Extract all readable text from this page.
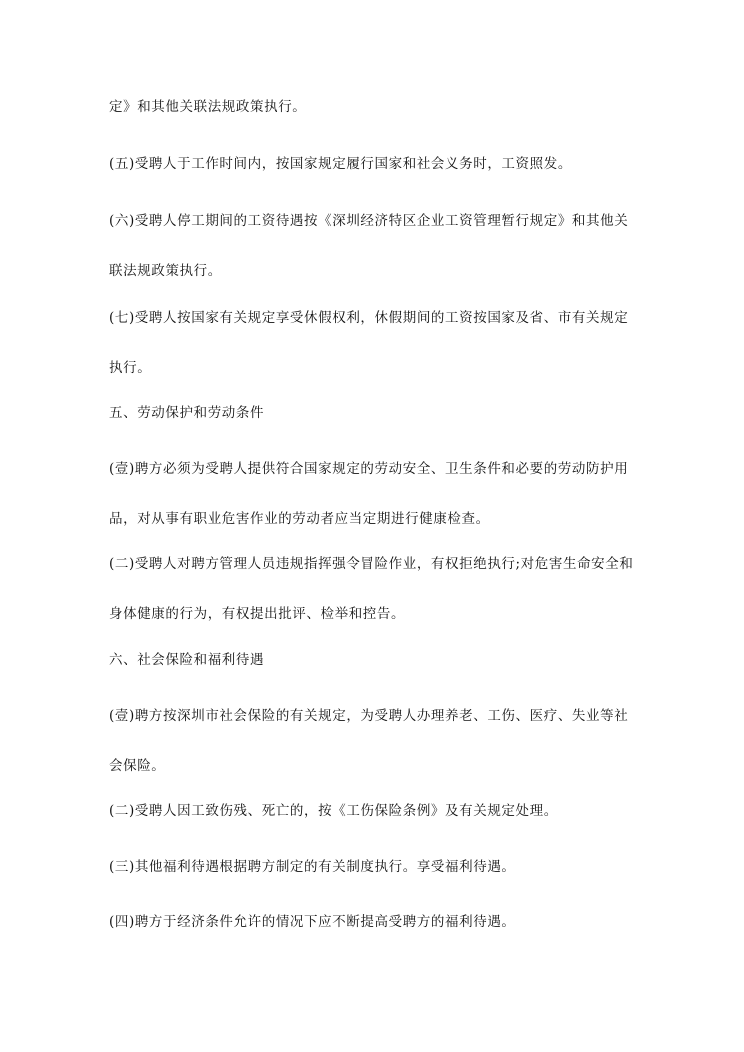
定》和其他关联法规政策执行。

(五)受聘人于工作时间内，按国家规定履行国家和社会义务时，工资照发。

(六)受聘人停工期间的工资待遇按《深圳经济特区企业工资管理暂行规定》和其他关联法规政策执行。

(七)受聘人按国家有关规定享受休假权利，休假期间的工资按国家及省、市有关规定执行。

五、劳动保护和劳动条件

(壹)聘方必须为受聘人提供符合国家规定的劳动安全、卫生条件和必要的劳动防护用品，对从事有职业危害作业的劳动者应当定期进行健康检查。

(二)受聘人对聘方管理人员违规指挥强令冒险作业，有权拒绝执行;对危害生命安全和身体健康的行为，有权提出批评、检举和控告。

六、社会保险和福利待遇

(壹)聘方按深圳市社会保险的有关规定，为受聘人办理养老、工伤、医疗、失业等社会保险。

(二)受聘人因工致伤残、死亡的，按《工伤保险条例》及有关规定处理。

(三)其他福利待遇根据聘方制定的有关制度执行。享受福利待遇。

(四)聘方于经济条件允许的情况下应不断提高受聘方的福利待遇。
